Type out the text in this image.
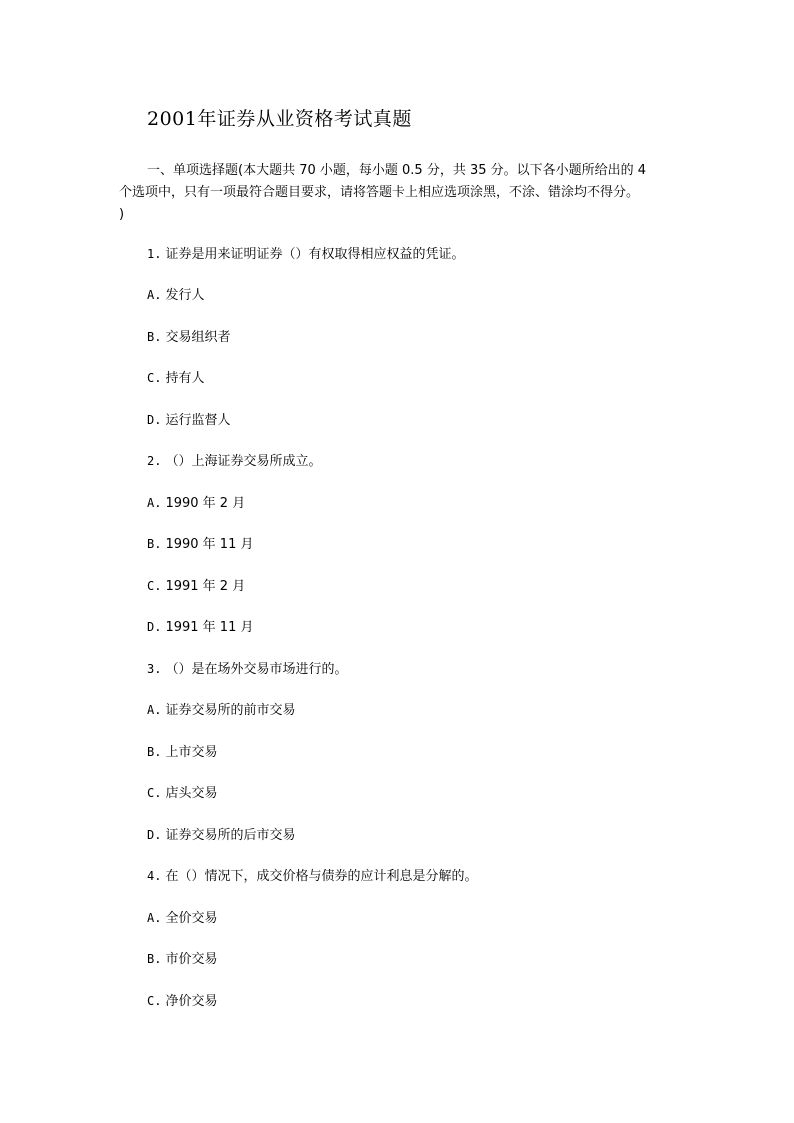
2001年证券从业资格考试真题
一、单项选择题(本大题共 70 小题，每小题 0.5 分，共 35 分。以下各小题所给出的 4
个选项中，只有一项最符合题目要求，请将答题卡上相应选项涂黑，不涂、错涂均不得分。
)
1. 证券是用来证明证券（）有权取得相应权益的凭证。
A. 发行人
B. 交易组织者
C. 持有人
D. 运行监督人
2. （）上海证券交易所成立。
A. 1990 年 2 月
B. 1990 年 11 月
C. 1991 年 2 月
D. 1991 年 11 月
3. （）是在场外交易市场进行的。
A. 证券交易所的前市交易
B. 上市交易
C. 店头交易
D. 证券交易所的后市交易
4. 在（）情况下，成交价格与债券的应计利息是分解的。
A. 全价交易
B. 市价交易
C. 净价交易
